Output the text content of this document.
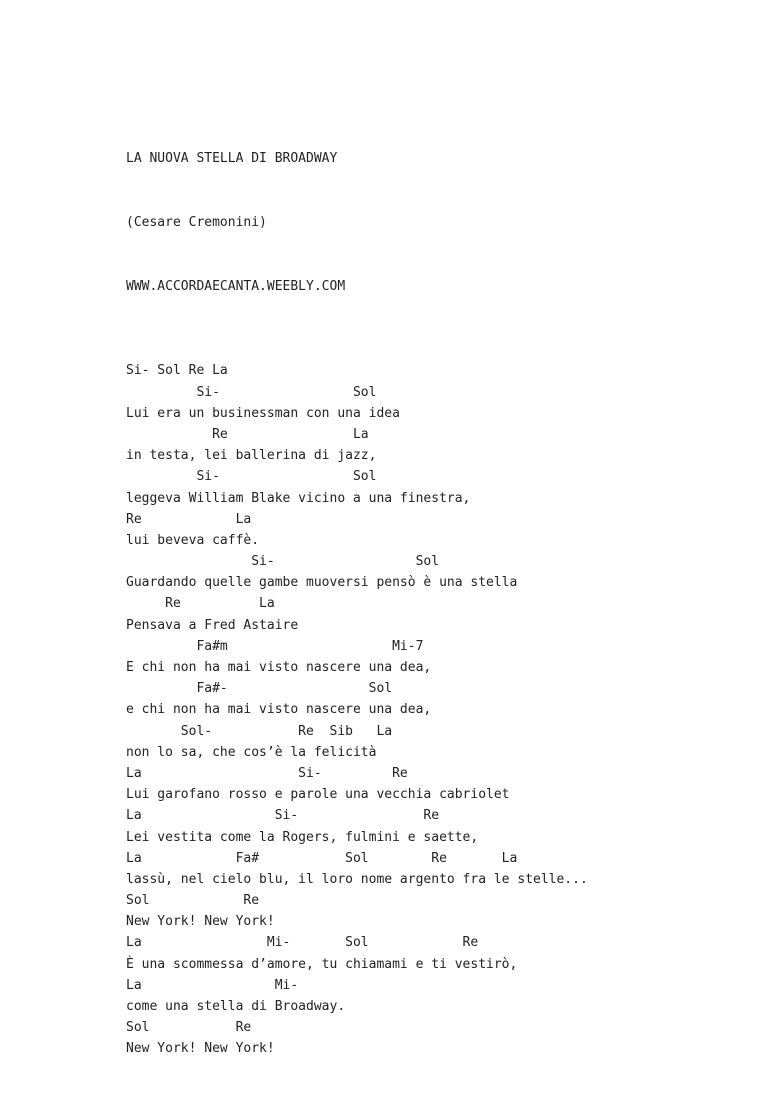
LA NUOVA STELLA DI BROADWAY

(Cesare Cremonini)

WWW.ACCORDAECANTA.WEEBLY.COM

Si- Sol Re La
Si-                 Sol
Lui era un businessman con una idea
Re                La
in testa, lei ballerina di jazz,
Si-                 Sol
leggeva William Blake vicino a una finestra,
Re            La
lui beveva caffè.
Si-                  Sol
Guardando quelle gambe muoversi pensò è una stella
Re          La
Pensava a Fred Astaire
Fa#m                     Mi-7
E chi non ha mai visto nascere una dea,
Fa#-                  Sol
e chi non ha mai visto nascere una dea,
Sol-           Re  Sib   La
non lo sa, che cos’è la felicità
La                    Si-         Re
Lui garofano rosso e parole una vecchia cabriolet
La                 Si-                Re
Lei vestita come la Rogers, fulmini e saette,
La            Fa#           Sol        Re       La
lassù, nel cielo blu, il loro nome argento fra le stelle...
Sol            Re
New York! New York!
La                Mi-       Sol            Re
È una scommessa d’amore, tu chiamami e ti vestirò,
La                 Mi-
come una stella di Broadway.
Sol           Re
New York! New York!
